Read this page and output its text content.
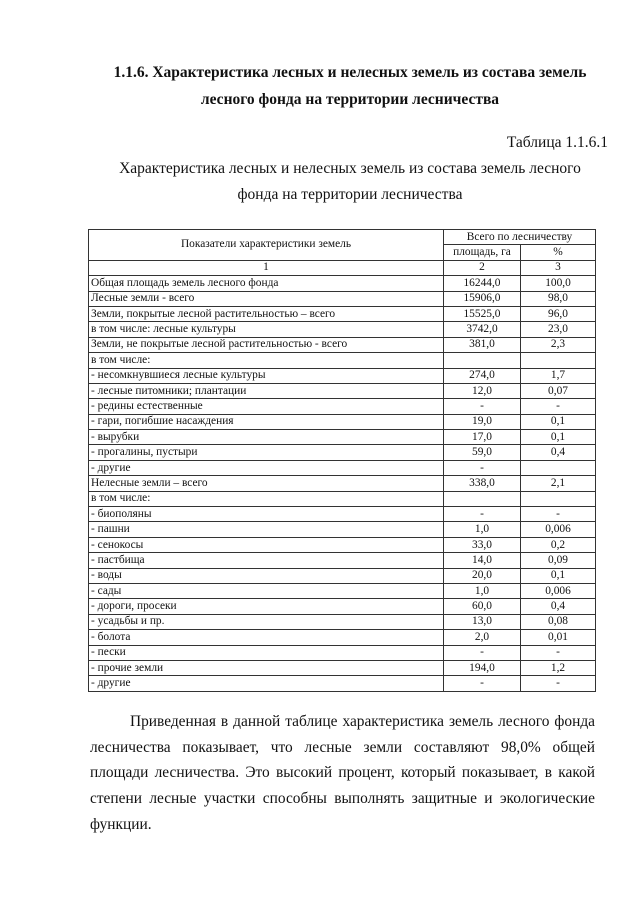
1.1.6. Характеристика лесных и нелесных земель из состава земель
лесного фонда на территории лесничества
Таблица 1.1.6.1
Характеристика лесных и нелесных земель из состава земель лесного
фонда на территории лесничества
Показатели характеристики земель	Всего по лесничеству	
	площадь, га	%
1	2	3
Общая площадь земель лесного фонда	16244,0	100,0
Лесные земли - всего	15906,0	98,0
Земли, покрытые лесной растительностью – всего	15525,0	96,0
в том числе: лесные культуры	3742,0	23,0
Земли, не покрытые лесной растительностью - всего	381,0	2,3
в том числе:		
- несомкнувшиеся лесные культуры	274,0	1,7
- лесные питомники; плантации	12,0	0,07
- редины естественные	-	-
- гари, погибшие насаждения	19,0	0,1
- вырубки	17,0	0,1
- прогалины, пустыри	59,0	0,4
- другие	-	
Нелесные земли – всего	338,0	2,1
в том числе:		
- биополяны	-	-
- пашни	1,0	0,006
- сенокосы	33,0	0,2
- пастбища	14,0	0,09
- воды	20,0	0,1
- сады	1,0	0,006
- дороги, просеки	60,0	0,4
- усадьбы и пр.	13,0	0,08
- болота	2,0	0,01
- пески	-	-
- прочие земли	194,0	1,2
- другие	-	-

Приведенная в данной таблице характеристика земель лесного фонда лесничества показывает, что лесные земли составляют 98,0% общей площади лесничества. Это высокий процент, который показывает, в какой степени лесные участки способны выполнять защитные и экологические функции.
